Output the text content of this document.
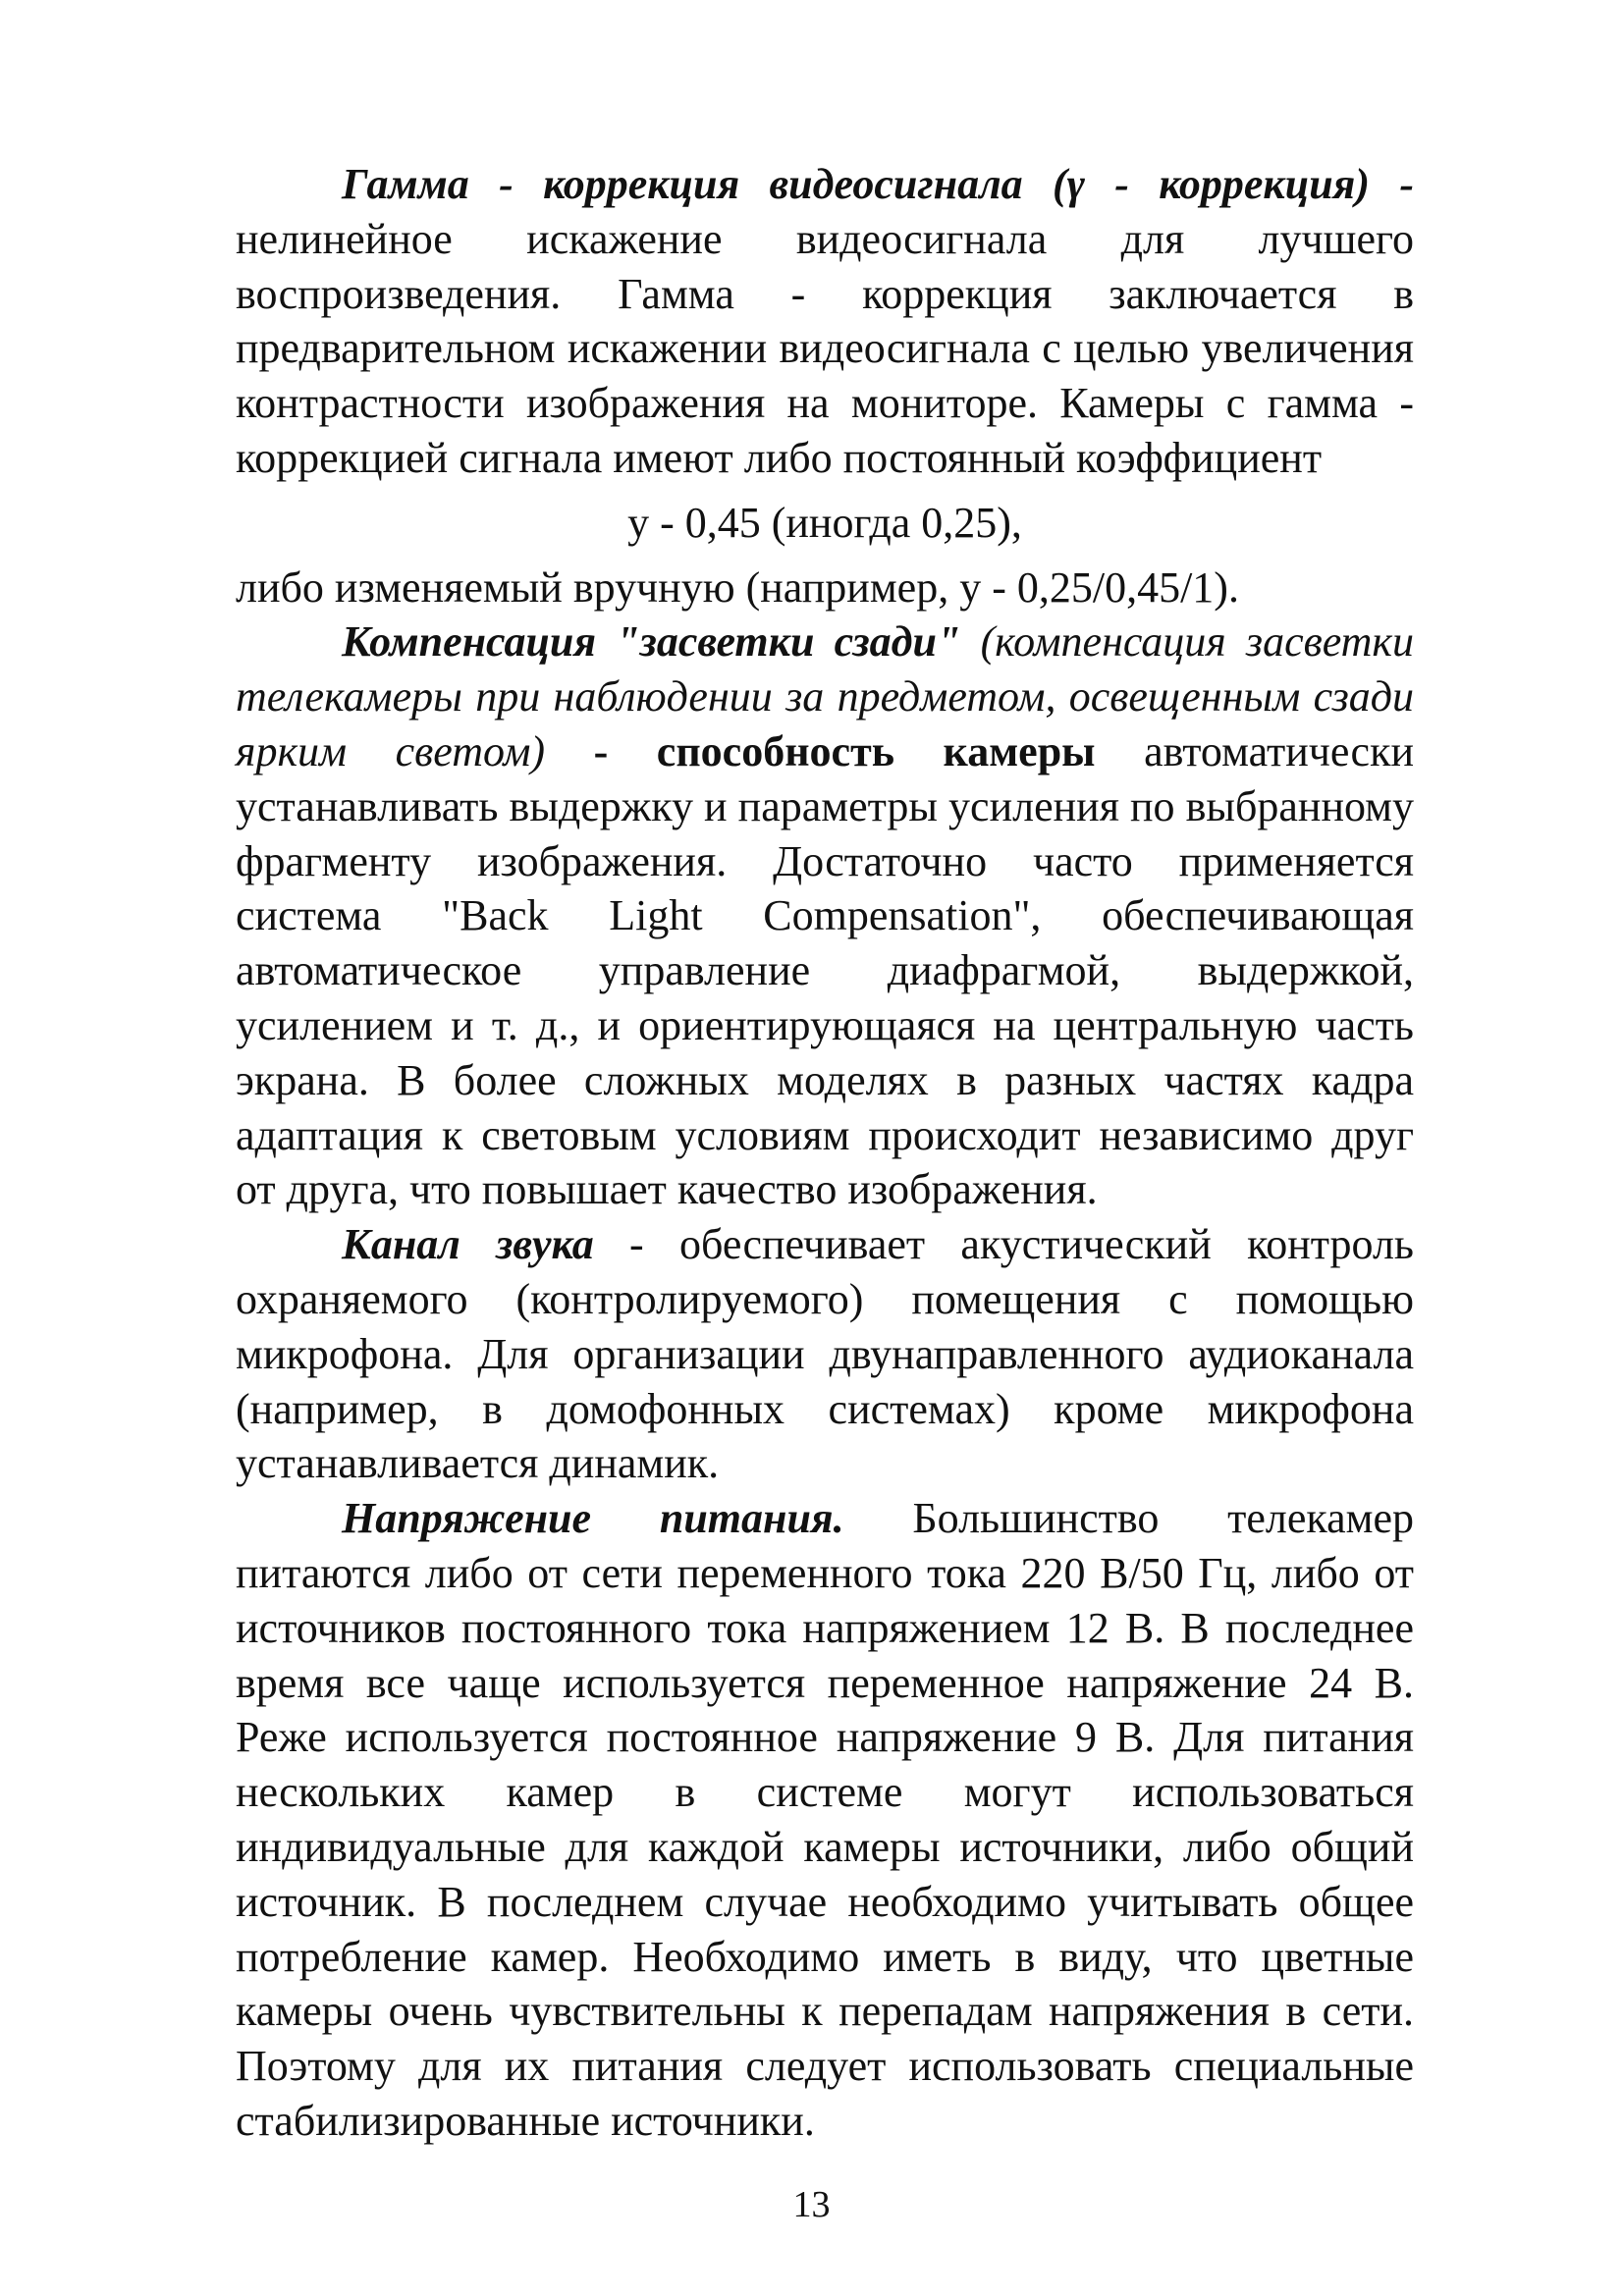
Гамма - коррекция видеосигнала (γ - коррекция) - нелинейное искажение видеосигнала для лучшего воспроизведения. Гамма - коррекция заключается в предварительном искажении видеосигнала с целью увеличения контрастности изображения на мониторе. Камеры с гамма - коррекцией сигнала имеют либо постоянный коэффициент

у - 0,45 (иногда 0,25),

либо изменяемый вручную (например, у - 0,25/0,45/1).

Компенсация "засветки сзади" (компенсация засветки телекамеры при наблюдении за предметом, освещенным сзади ярким светом) - способность камеры автоматически устанавливать выдержку и параметры усиления по выбранному фрагменту изображения. Достаточно часто применяется система "Back Light Compensation", обеспечивающая автоматическое управление диафрагмой, выдержкой, усилением и т. д., и ориентирующаяся на центральную часть экрана. В более сложных моделях в разных частях кадра адаптация к световым условиям происходит независимо друг от друга, что повышает качество изображения.

Канал звука - обеспечивает акустический контроль охраняемого (контролируемого) помещения с помощью микрофона. Для организации двунаправленного аудиоканала (например, в домофонных системах) кроме микрофона устанавливается динамик.

Напряжение питания. Большинство телекамер питаются либо от сети переменного тока 220 В/50 Гц, либо от источников постоянного тока напряжением 12 В. В последнее время все чаще используется переменное напряжение 24 В. Реже используется постоянное напряжение 9 В. Для питания нескольких камер в системе могут использоваться индивидуальные для каждой камеры источники, либо общий источник. В последнем случае необходимо учитывать общее потребление камер. Необходимо иметь в виду, что цветные камеры очень чувствительны к перепадам напряжения в сети. Поэтому для их питания следует использовать специальные стабилизированные источники.

13
